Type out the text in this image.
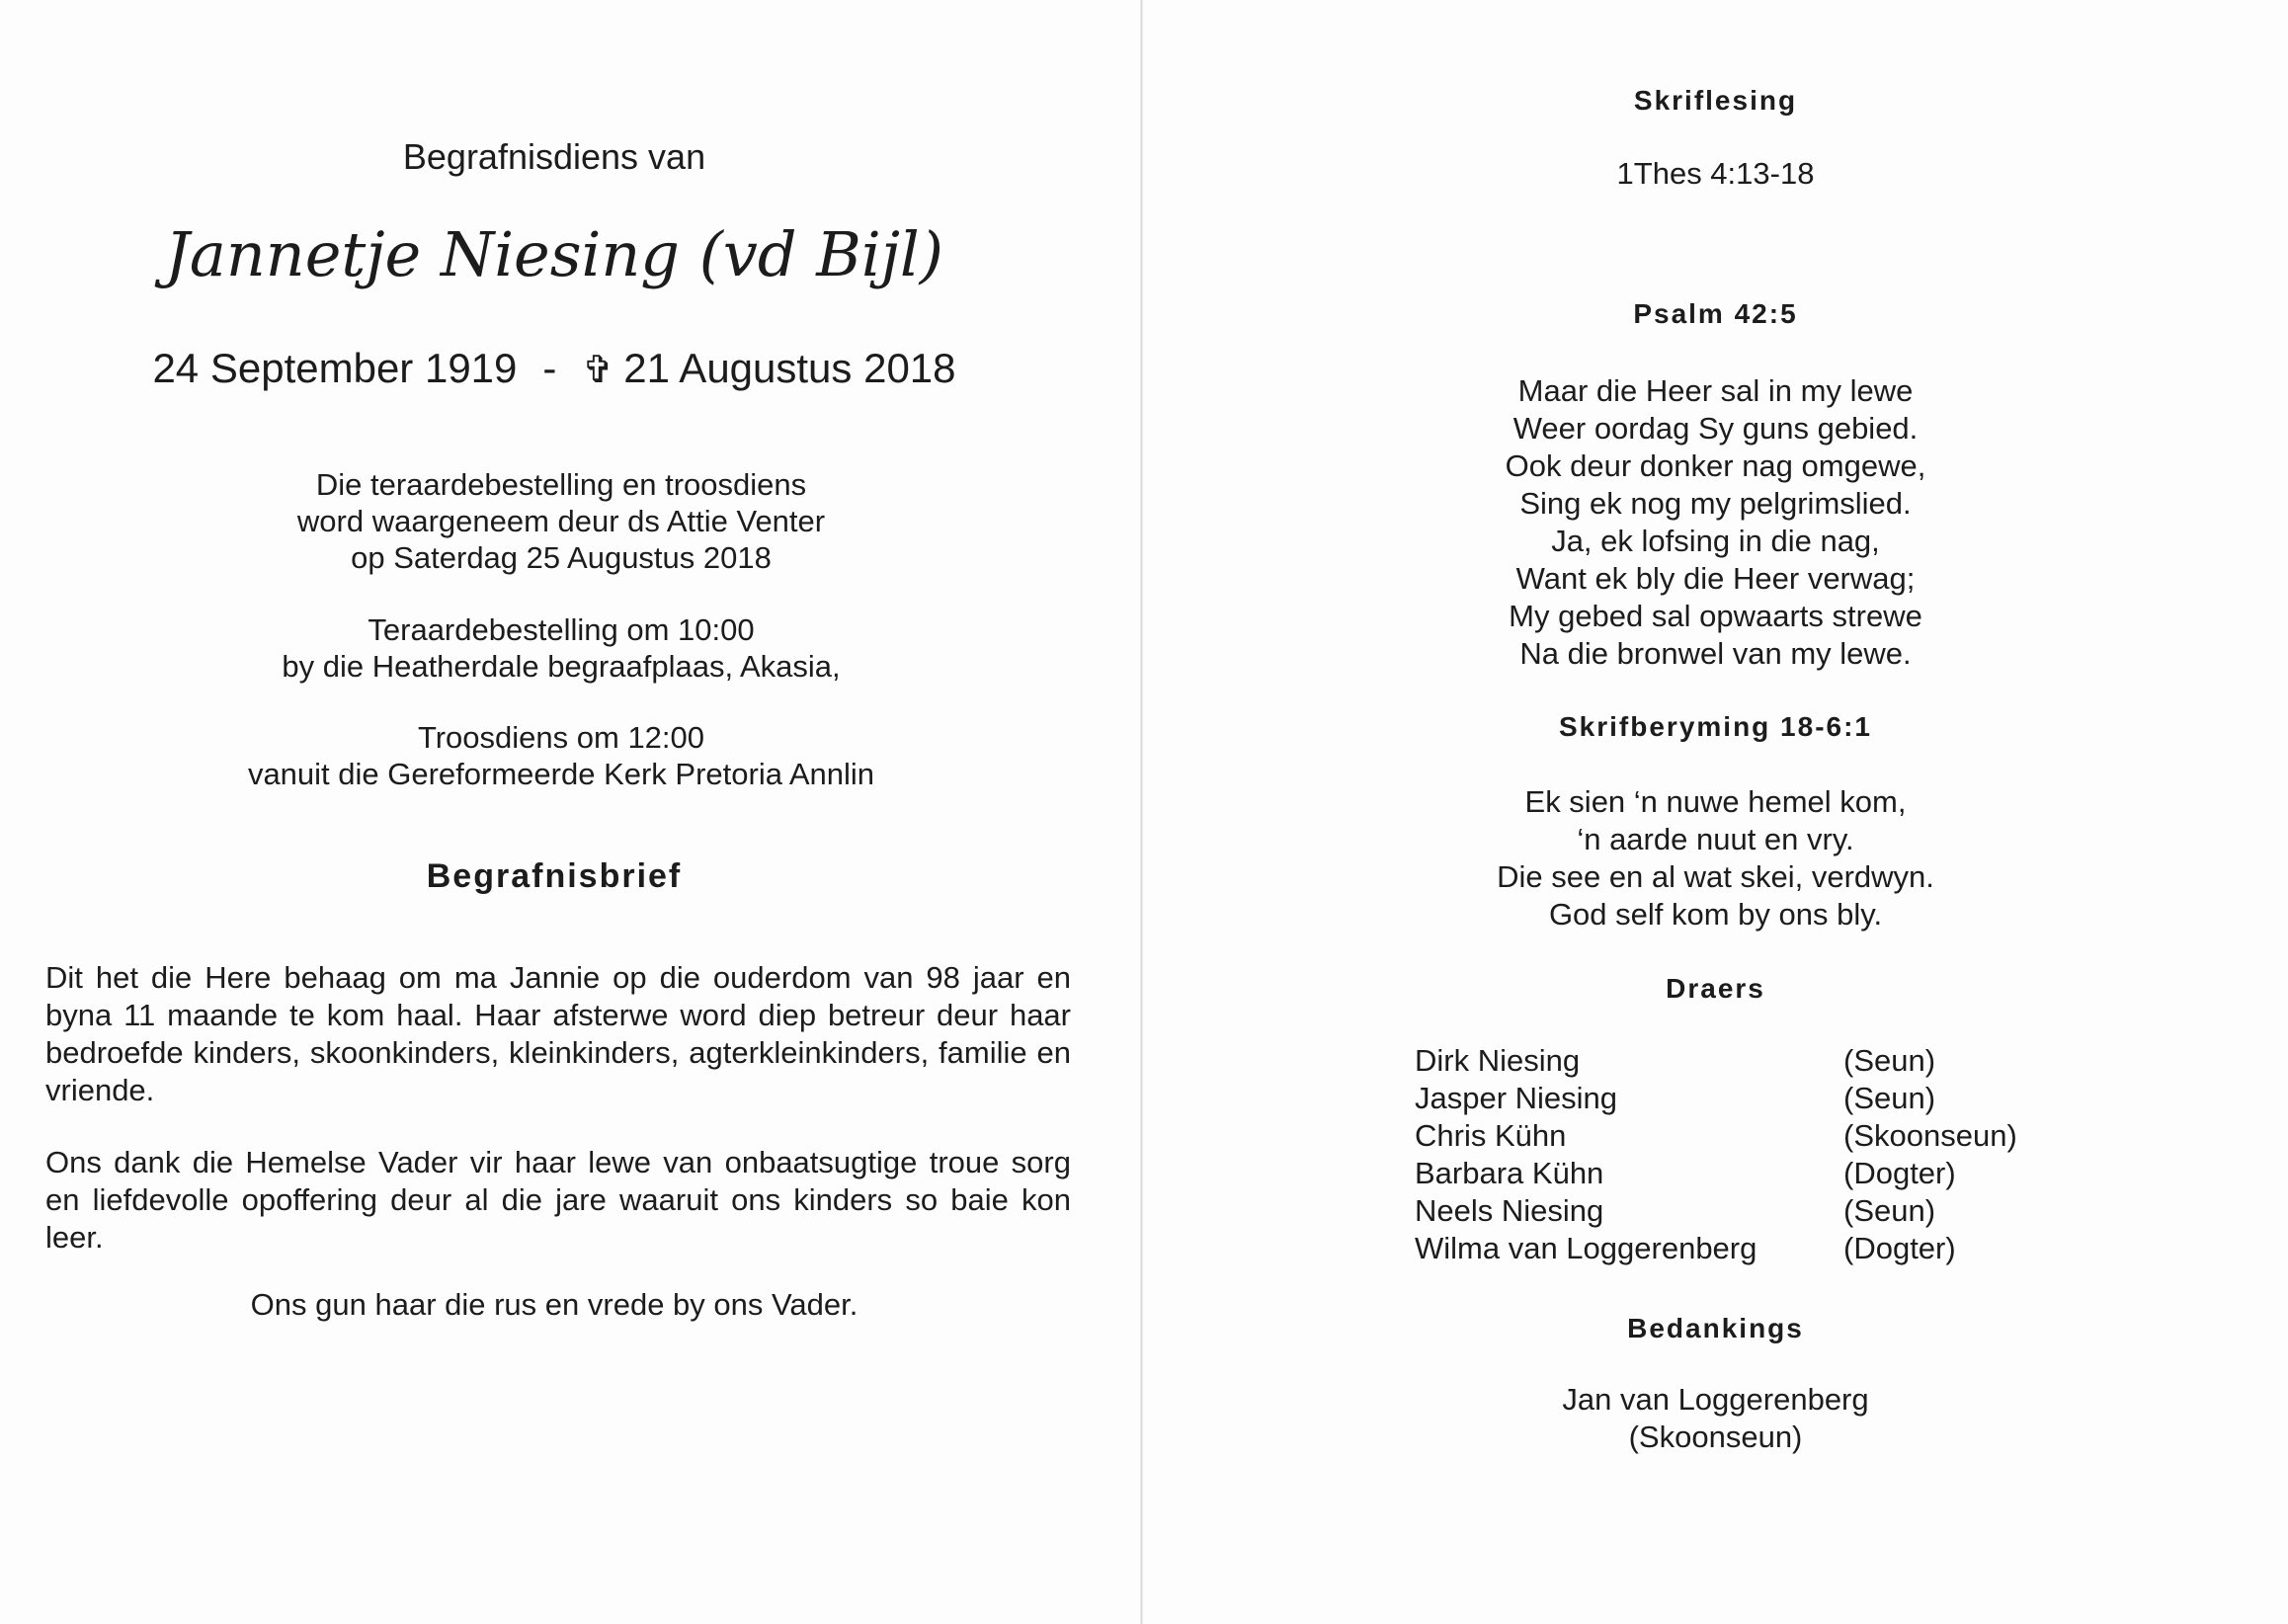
Begrafnisdiens van
Jannetje Niesing (vd Bijl)
24 September 1919 - ✞ 21 Augustus 2018
Die teraardebestelling en troosdiens
word waargeneem deur ds Attie Venter
op Saterdag 25 Augustus 2018
Teraardebestelling om 10:00
by die Heatherdale begraafplaas, Akasia,
Troosdiens om 12:00
vanuit die Gereformeerde Kerk Pretoria Annlin
Begrafnisbrief
Dit het die Here behaag om ma Jannie op die ouderdom van 98 jaar en byna 11 maande te kom haal. Haar afsterwe word diep betreur deur haar bedroefde kinders, skoonkinders, kleinkinders, agterkleinkinders, familie en vriende.
Ons dank die Hemelse Vader vir haar lewe van onbaatsugtige troue sorg en liefdevolle opoffering deur al die jare waaruit ons kinders so baie kon leer.
Ons gun haar die rus en vrede by ons Vader.
Skriflesing
1Thes 4:13-18
Psalm 42:5
Maar die Heer sal in my lewe
Weer oordag Sy guns gebied.
Ook deur donker nag omgewe,
Sing ek nog my pelgrimslied.
Ja, ek lofsing in die nag,
Want ek bly die Heer verwag;
My gebed sal opwaarts strewe
Na die bronwel van my lewe.
Skrifberyming 18-6:1
Ek sien ‘n nuwe hemel kom,
‘n aarde nuut en vry.
Die see en al wat skei, verdwyn.
God self kom by ons bly.
Draers
Dirk Niesing	(Seun)
Jasper Niesing	(Seun)
Chris Kühn	(Skoonseun)
Barbara Kühn	(Dogter)
Neels Niesing	(Seun)
Wilma van Loggerenberg	(Dogter)
Bedankings
Jan van Loggerenberg
(Skoonseun)
